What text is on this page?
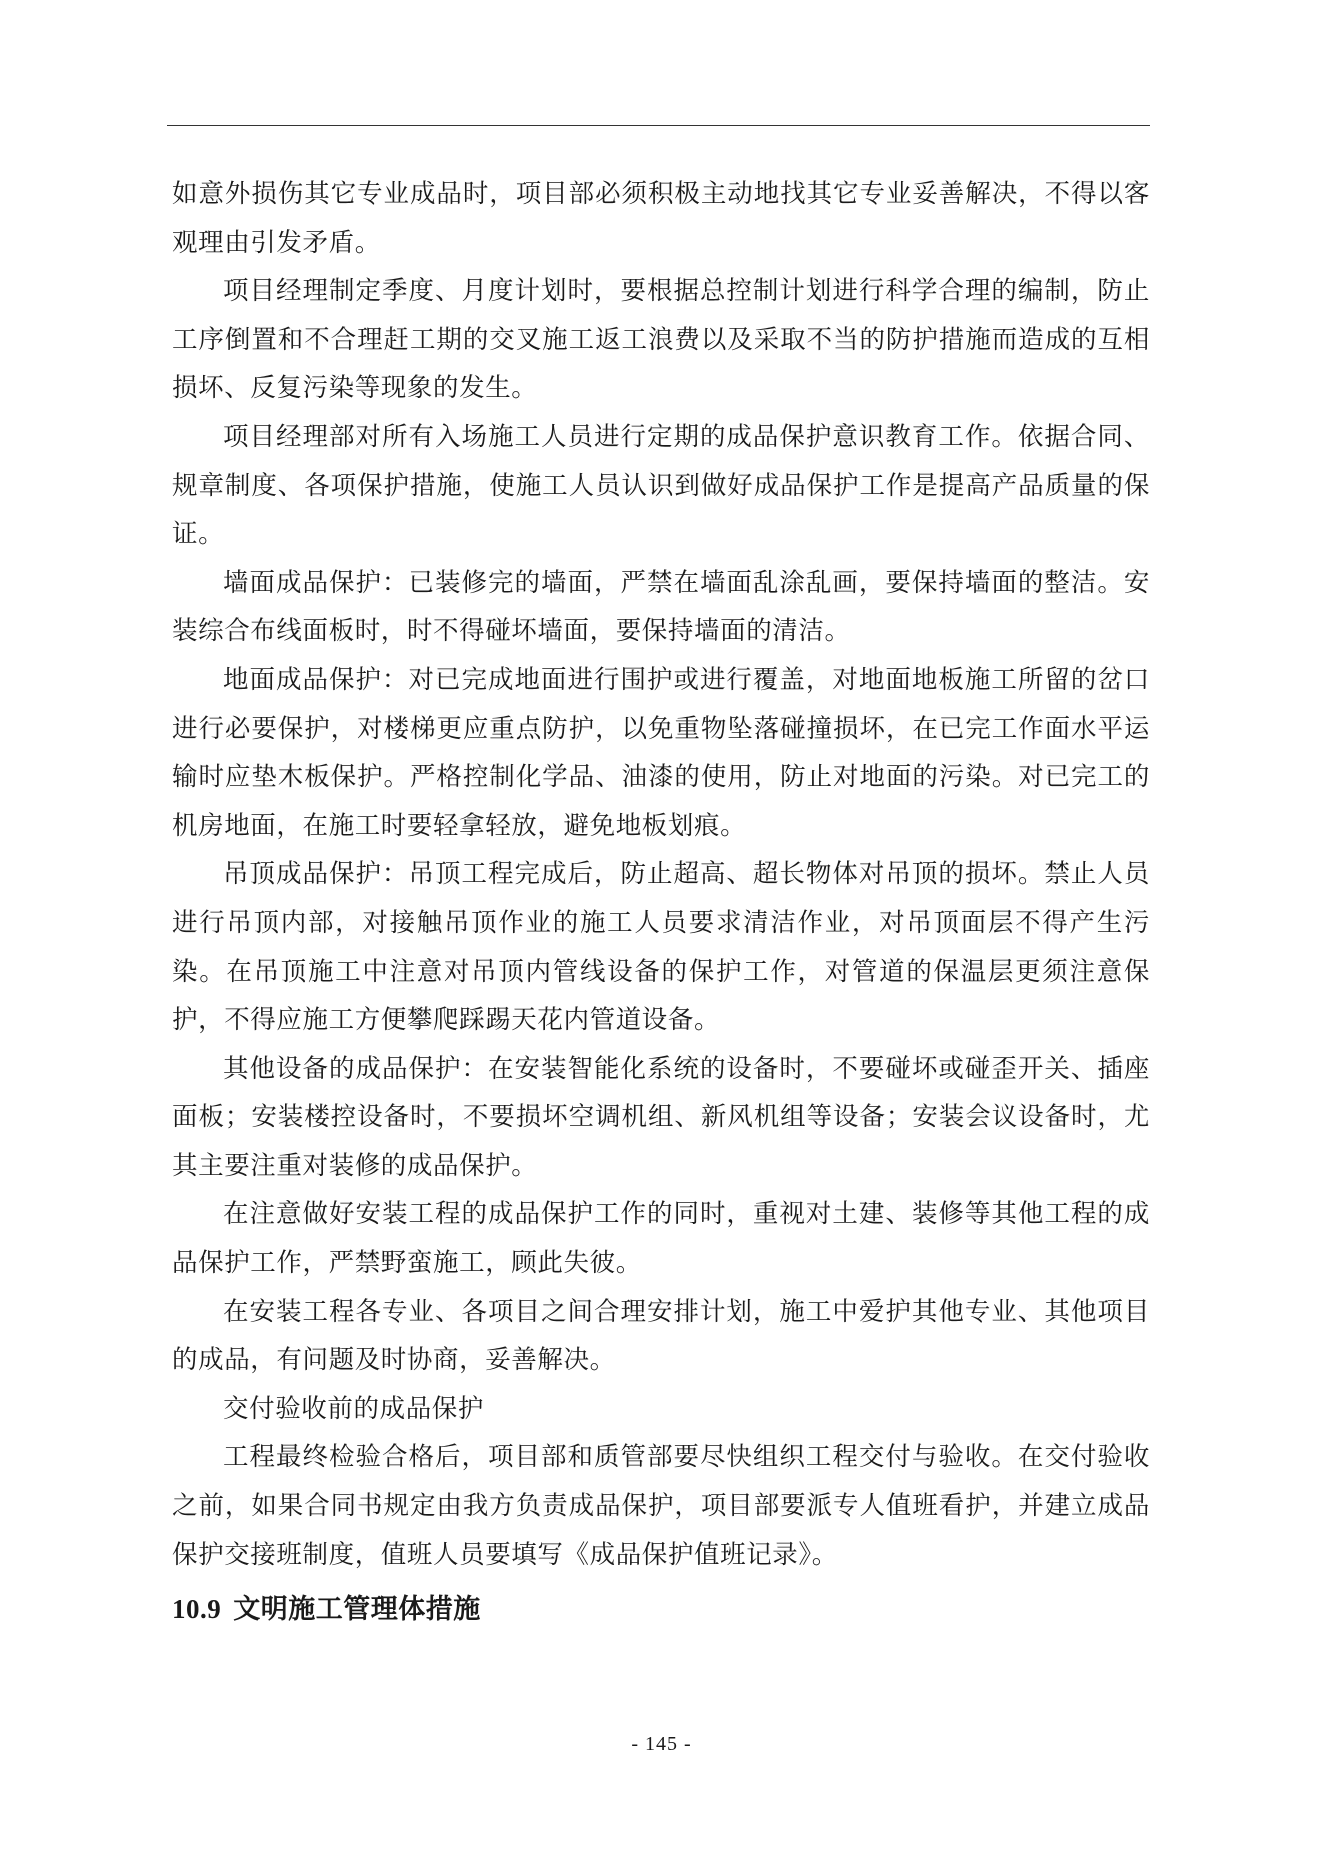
如意外损伤其它专业成品时，项目部必须积极主动地找其它专业妥善解决，不得以客观理由引发矛盾。

项目经理制定季度、月度计划时，要根据总控制计划进行科学合理的编制，防止工序倒置和不合理赶工期的交叉施工返工浪费以及采取不当的防护措施而造成的互相损坏、反复污染等现象的发生。

项目经理部对所有入场施工人员进行定期的成品保护意识教育工作。依据合同、规章制度、各项保护措施，使施工人员认识到做好成品保护工作是提高产品质量的保证。

墙面成品保护：已装修完的墙面，严禁在墙面乱涂乱画，要保持墙面的整洁。安装综合布线面板时，时不得碰坏墙面，要保持墙面的清洁。

地面成品保护：对已完成地面进行围护或进行覆盖，对地面地板施工所留的岔口进行必要保护，对楼梯更应重点防护，以免重物坠落碰撞损坏，在已完工作面水平运输时应垫木板保护。严格控制化学品、油漆的使用，防止对地面的污染。对已完工的机房地面，在施工时要轻拿轻放，避免地板划痕。

吊顶成品保护：吊顶工程完成后，防止超高、超长物体对吊顶的损坏。禁止人员进行吊顶内部，对接触吊顶作业的施工人员要求清洁作业，对吊顶面层不得产生污染。在吊顶施工中注意对吊顶内管线设备的保护工作，对管道的保温层更须注意保护，不得应施工方便攀爬踩踢天花内管道设备。

其他设备的成品保护：在安装智能化系统的设备时，不要碰坏或碰歪开关、插座面板；安装楼控设备时，不要损坏空调机组、新风机组等设备；安装会议设备时，尤其主要注重对装修的成品保护。

在注意做好安装工程的成品保护工作的同时，重视对土建、装修等其他工程的成品保护工作，严禁野蛮施工，顾此失彼。

在安装工程各专业、各项目之间合理安排计划，施工中爱护其他专业、其他项目的成品，有问题及时协商，妥善解决。

交付验收前的成品保护

工程最终检验合格后，项目部和质管部要尽快组织工程交付与验收。在交付验收之前，如果合同书规定由我方负责成品保护，项目部要派专人值班看护，并建立成品保护交接班制度，值班人员要填写《成品保护值班记录》。

10.9 文明施工管理体措施
- 145 -
